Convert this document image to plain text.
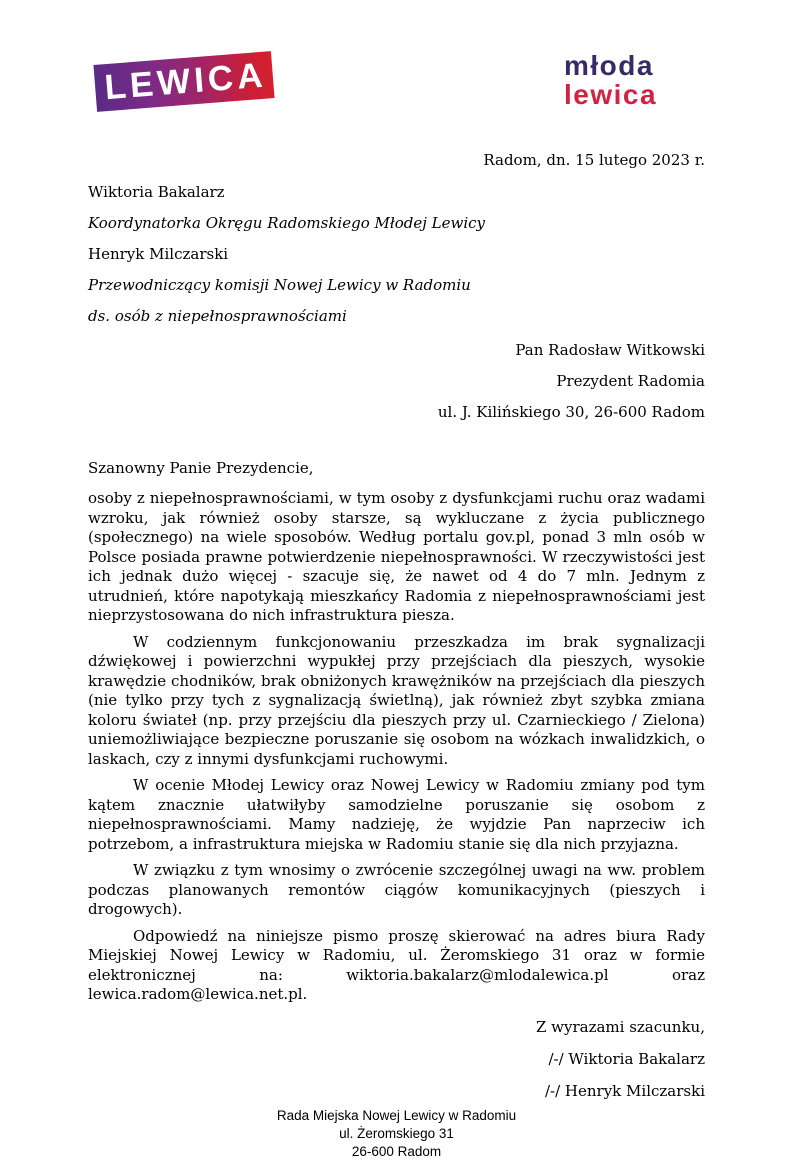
LEWICA	młoda
lewica
Radom, dn. 15 lutego 2023 r.
Wiktoria Bakalarz
Koordynatorka Okręgu Radomskiego Młodej Lewicy
Henryk Milczarski
Przewodniczący komisji Nowej Lewicy w Radomiu
ds. osób z niepełnosprawnościami
Pan Radosław Witkowski
Prezydent Radomia
ul. J. Kilińskiego 30, 26-600 Radom
Szanowny Panie Prezydencie,

osoby z niepełnosprawnościami, w tym osoby z dysfunkcjami ruchu oraz wadami wzroku, jak również osoby starsze, są wykluczane z życia publicznego (społecznego) na wiele sposobów. Według portalu gov.pl, ponad 3 mln osób w Polsce posiada prawne potwierdzenie niepełnosprawności. W rzeczywistości jest ich jednak dużo więcej - szacuje się, że nawet od 4 do 7 mln. Jednym z utrudnień, które napotykają mieszkańcy Radomia z niepełnosprawnościami jest nieprzystosowana do nich infrastruktura piesza.

W codziennym funkcjonowaniu przeszkadza im brak sygnalizacji dźwiękowej i powierzchni wypukłej przy przejściach dla pieszych, wysokie krawędzie chodników, brak obniżonych krawężników na przejściach dla pieszych (nie tylko przy tych z sygnalizacją świetlną), jak również zbyt szybka zmiana koloru świateł (np. przy przejściu dla pieszych przy ul. Czarnieckiego / Zielona) uniemożliwiające bezpieczne poruszanie się osobom na wózkach inwalidzkich, o laskach, czy z innymi dysfunkcjami ruchowymi.

W ocenie Młodej Lewicy oraz Nowej Lewicy w Radomiu zmiany pod tym kątem znacznie ułatwiłyby samodzielne poruszanie się osobom z niepełnosprawnościami. Mamy nadzieję, że wyjdzie Pan naprzeciw ich potrzebom, a infrastruktura miejska w Radomiu stanie się dla nich przyjazna.

W związku z tym wnosimy o zwrócenie szczególnej uwagi na ww. problem podczas planowanych remontów ciągów komunikacyjnych (pieszych i drogowych).

Odpowiedź na niniejsze pismo proszę skierować na adres biura Rady Miejskiej Nowej Lewicy w Radomiu, ul. Żeromskiego 31 oraz w formie elektronicznej na: wiktoria.bakalarz@mlodalewica.pl oraz lewica.radom@lewica.net.pl.

Z wyrazami szacunku,
/-/ Wiktoria Bakalarz
/-/ Henryk Milczarski
Rada Miejska Nowej Lewicy w Radomiu
ul. Żeromskiego 31
26-600 Radom
